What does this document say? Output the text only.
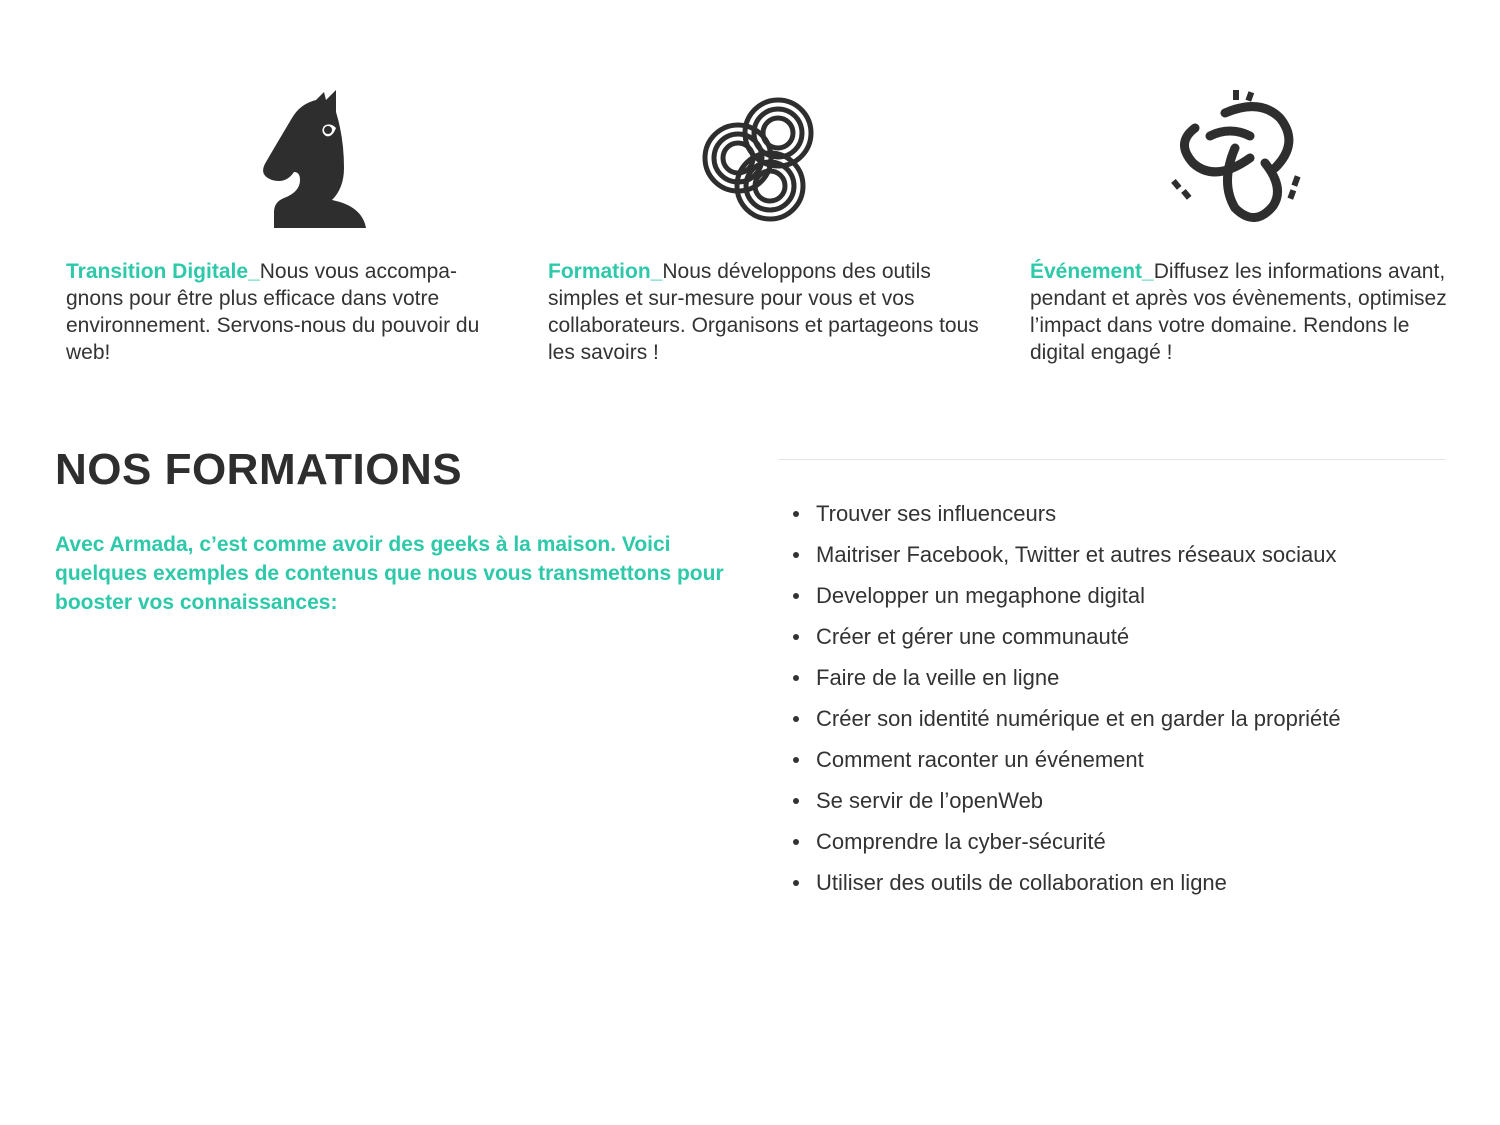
Transition Digitale_Nous vous accompa-gnons pour être plus efficace dans votre environnement. Servons-nous du pouvoir du web!
Formation_Nous développons des outils simples et sur-mesure pour vous et vos collaborateurs. Organisons et partageons tous les savoirs !
Événement_Diffusez les informations avant, pendant et après vos évènements, optimisez l’impact dans votre domaine. Rendons le digital engagé !
NOS FORMATIONS

Avec Armada, c’est comme avoir des geeks à la maison. Voici quelques exemples de contenus que nous vous transmettons pour booster vos connaissances:

Trouver ses influenceurs
Maitriser Facebook, Twitter et autres réseaux sociaux
Developper un megaphone digital
Créer et gérer une communauté
Faire de la veille en ligne
Créer son identité numérique et en garder la propriété
Comment raconter un événement
Se servir de l’openWeb
Comprendre la cyber-sécurité
Utiliser des outils de collaboration en ligne
